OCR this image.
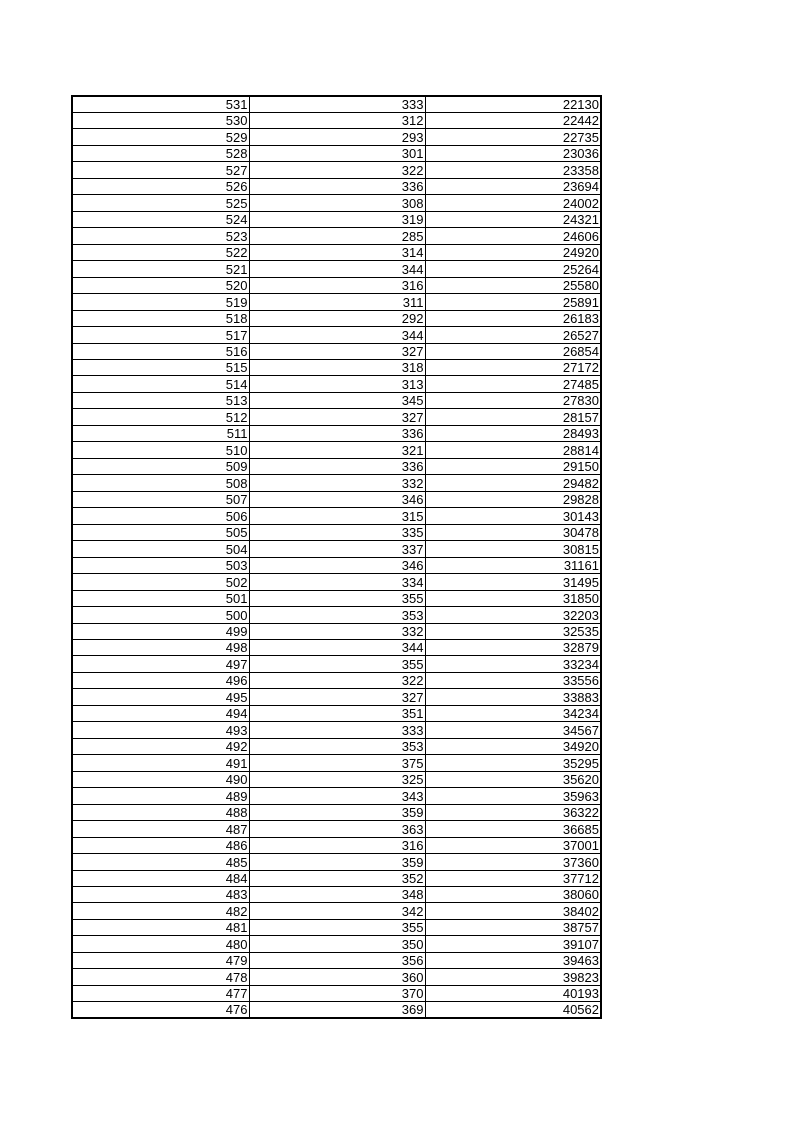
531	333	22130
530	312	22442
529	293	22735
528	301	23036
527	322	23358
526	336	23694
525	308	24002
524	319	24321
523	285	24606
522	314	24920
521	344	25264
520	316	25580
519	311	25891
518	292	26183
517	344	26527
516	327	26854
515	318	27172
514	313	27485
513	345	27830
512	327	28157
511	336	28493
510	321	28814
509	336	29150
508	332	29482
507	346	29828
506	315	30143
505	335	30478
504	337	30815
503	346	31161
502	334	31495
501	355	31850
500	353	32203
499	332	32535
498	344	32879
497	355	33234
496	322	33556
495	327	33883
494	351	34234
493	333	34567
492	353	34920
491	375	35295
490	325	35620
489	343	35963
488	359	36322
487	363	36685
486	316	37001
485	359	37360
484	352	37712
483	348	38060
482	342	38402
481	355	38757
480	350	39107
479	356	39463
478	360	39823
477	370	40193
476	369	40562
